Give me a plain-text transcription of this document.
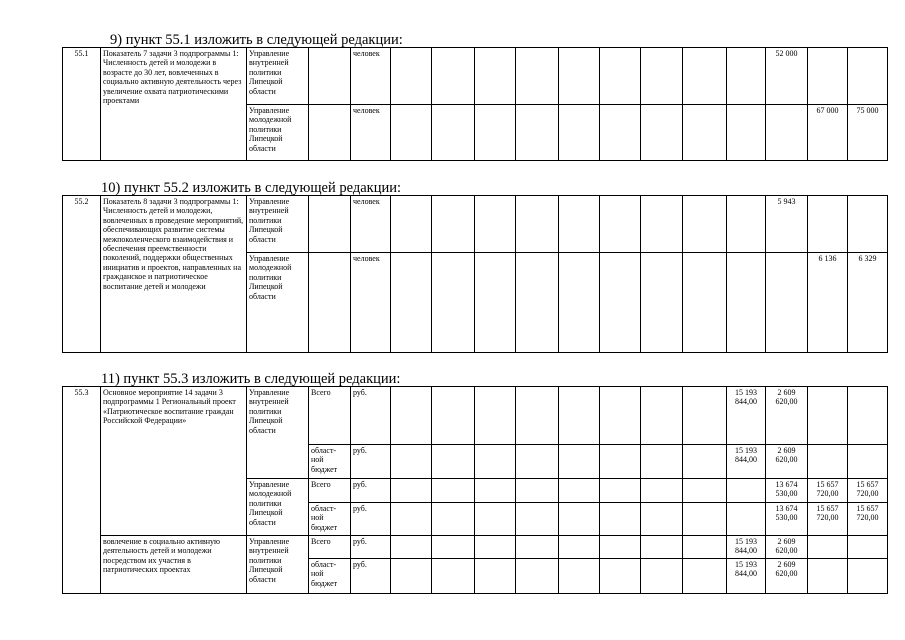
9) пункт 55.1 изложить в следующей редакции:
55.1	Показатель 7 задачи 3 подпрограммы 1: Численность детей и молодежи в возрасте до 30 лет, вовлеченных в социально активную деятельность через увеличение охвата патриотическими проектами	Управление внутренней политики Липецкой области		человек										52 000			
		Управление молодежной политики Липецкой области		человек											67 000	75 000	
10) пункт 55.2 изложить в следующей редакции:
55.2	Показатель 8 задачи 3 подпрограммы 1: Численность детей и молодежи, вовлеченных в проведение мероприятий, обеспечивающих развитие системы межпоколенческого взаимодействия и обеспечения преемственности поколений, поддержки общественных инициатив и проектов, направленных на гражданское и патриотическое воспитание детей и молодежи	Управление внутренней политики Липецкой области		человек										5 943			
		Управление молодежной политики Липецкой области		человек											6 136	6 329	
11) пункт 55.3 изложить в следующей редакции:
55.3	Основное мероприятие 14 задачи 3 подпрограммы 1 Региональный проект «Патриотическое воспитание граждан Российской Федерации»	Управление внутренней политики Липецкой области	Всего	руб.									15 193 844,00	2 609 620,00		
			област-ной бюджет	руб.									15 193 844,00	2 609 620,00		
		Управление молодежной политики Липецкой области	Всего	руб.										13 674 530,00	15 657 720,00	15 657 720,00
			област-ной бюджет	руб.										13 674 530,00	15 657 720,00	15 657 720,00
	вовлечение в социально активную деятельность детей и молодежи посредством их участия в патриотических проектах	Управление внутренней политики Липецкой области	Всего	руб.									15 193 844,00	2 609 620,00		
			област-ной бюджет	руб.									15 193 844,00	2 609 620,00		
